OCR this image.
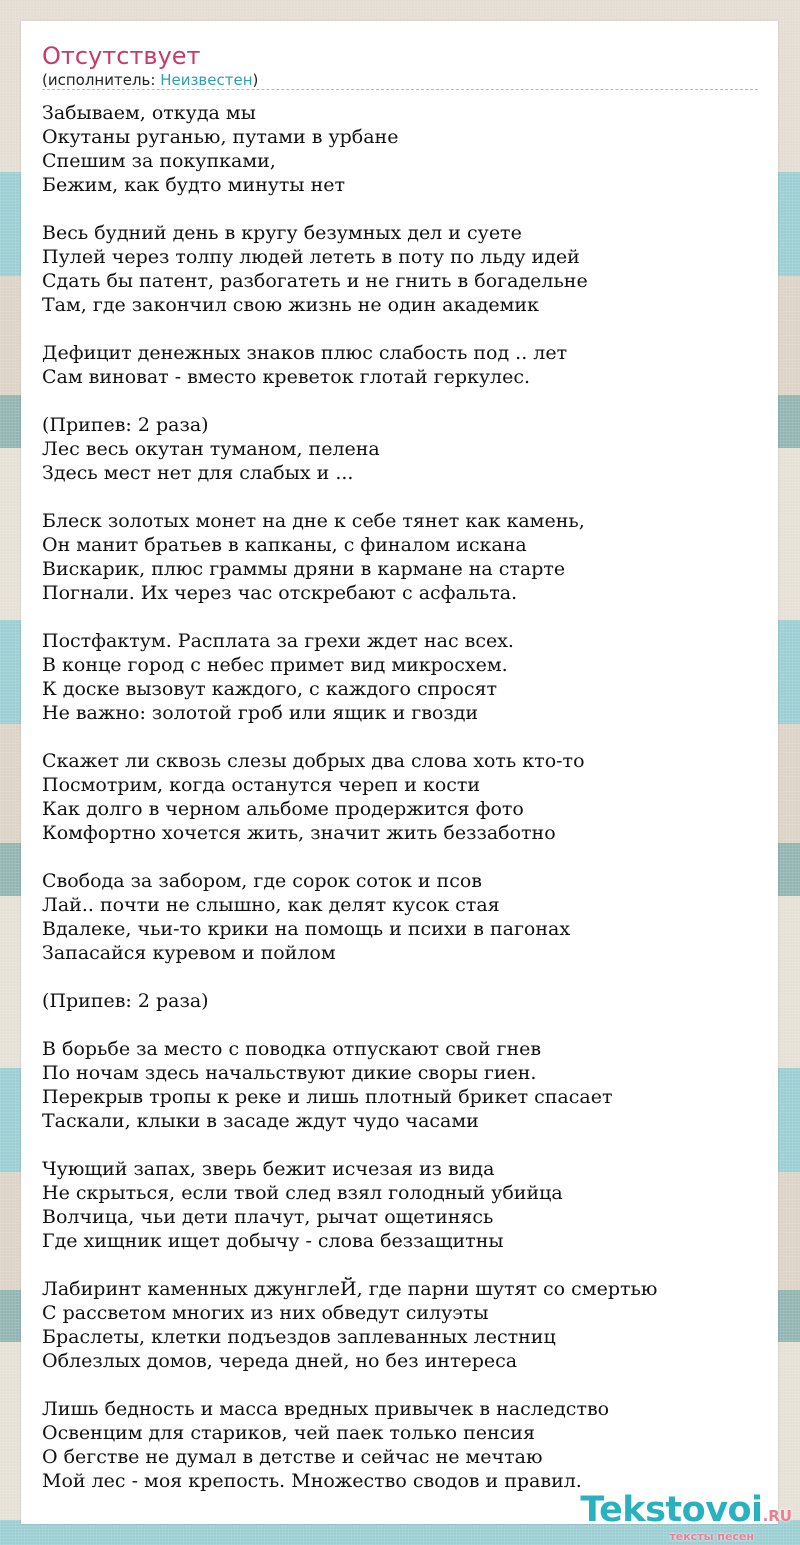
Отсутствует
(исполнитель: Неизвестен)
Забываем, откуда мы
Окутаны руганью, путами в урбане
Спешим за покупками,
Бежим, как будто минуты нет

Весь будний день в кругу безумных дел и суете
Пулей через толпу людей лететь в поту по льду идей
Сдать бы патент, разбогатеть и не гнить в богадельне
Там, где закончил свою жизнь не один академик

Дефицит денежных знаков плюс слабость под .. лет
Сам виноват - вместо креветок глотай геркулес.

(Припев: 2 раза)
Лес весь окутан туманом, пелена
Здесь мест нет для слабых и ...

Блеск золотых монет на дне к себе тянет как камень,
Он манит братьев в капканы, с финалом искана
Вискарик, плюс граммы дряни в кармане на старте
Погнали. Их через час отскребают с асфальта.

Постфактум. Расплата за грехи ждет нас всех.
В конце город с небес примет вид микросхем.
К доске вызовут каждого, с каждого спросят
Не важно: золотой гроб или ящик и гвозди

Скажет ли сквозь слезы добрых два слова хоть кто-то
Посмотрим, когда останутся череп и кости
Как долго в черном альбоме продержится фото
Комфортно хочется жить, значит жить беззаботно

Свобода за забором, где сорок соток и псов
Лай.. почти не слышно, как делят кусок стая
Вдалеке, чьи-то крики на помощь и психи в пагонах
Запасайся куревом и пойлом

(Припев: 2 раза)

В борьбе за место с поводка отпускают свой гнев
По ночам здесь начальствуют дикие своры гиен.
Перекрыв тропы к реке и лишь плотный брикет спасает
Таскали, клыки в засаде ждут чудо часами

Чующий запах, зверь бежит исчезая из вида
Не скрыться, если твой след взял голодный убийца
Волчица, чьи дети плачут, рычат ощетинясь
Где хищник ищет добычу - слова беззащитны

Лабиринт каменных джунглеЙ, где парни шутят со смертью
С рассветом многих из них обведут силуэты
Браслеты, клетки подъездов заплеванных лестниц
Облезлых домов, череда дней, но без интереса

Лишь бедность и масса вредных привычек в наследство
Освенцим для стариков, чей паек только пенсия
О бегстве не думал в детстве и сейчас не мечтаю
Мой лес - моя крепость. Множество сводов и правил.
Tekstovoi.RU
тексты песен
